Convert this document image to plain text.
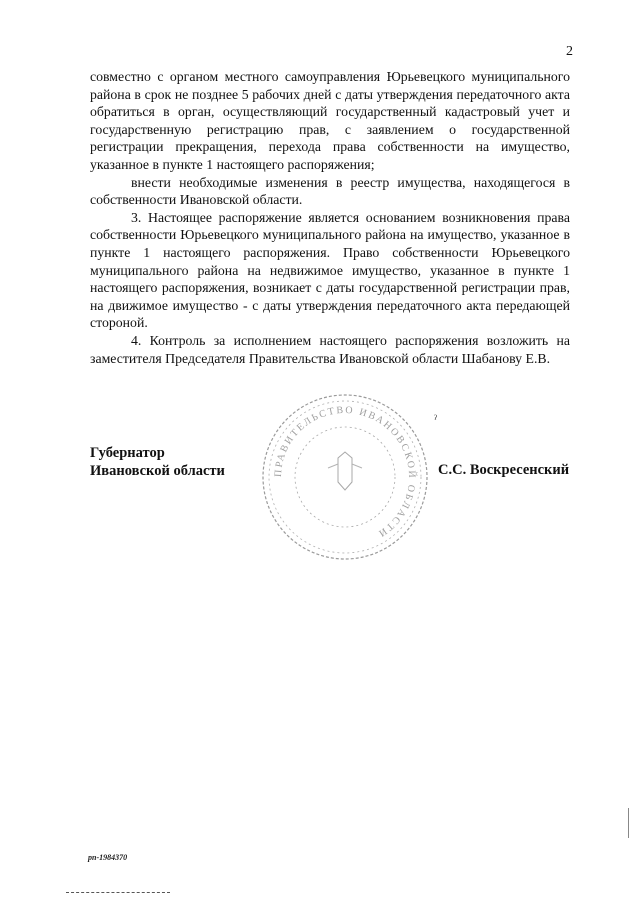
2

совместно с органом местного самоуправления Юрьевецкого муниципального района в срок не позднее 5 рабочих дней с даты утверждения передаточного акта обратиться в орган, осуществляющий государственный кадастровый учет и государственную регистрацию прав, с заявлением о государственной регистрации прекращения, перехода права собственности на имущество, указанное в пункте 1 настоящего распоряжения;

внести необходимые изменения в реестр имущества, находящегося в собственности Ивановской области.

3. Настоящее распоряжение является основанием возникновения права собственности Юрьевецкого муниципального района на имущество, указанное в пункте 1 настоящего распоряжения. Право собственности Юрьевецкого муниципального района на недвижимое имущество, указанное в пункте 1 настоящего распоряжения, возникает с даты государственной регистрации прав, на движимое имущество - с даты утверждения передаточного акта передающей стороной.

4. Контроль за исполнением настоящего распоряжения возложить на заместителя Председателя Правительства Ивановской области Шабанову Е.В.

Губернатор
Ивановской области	ПРАВИТЕЛЬСТВО ИВАНОВСКОЙ ОБЛАСТИ
ˀ
С.С. Воскресенский
рп-1984370
